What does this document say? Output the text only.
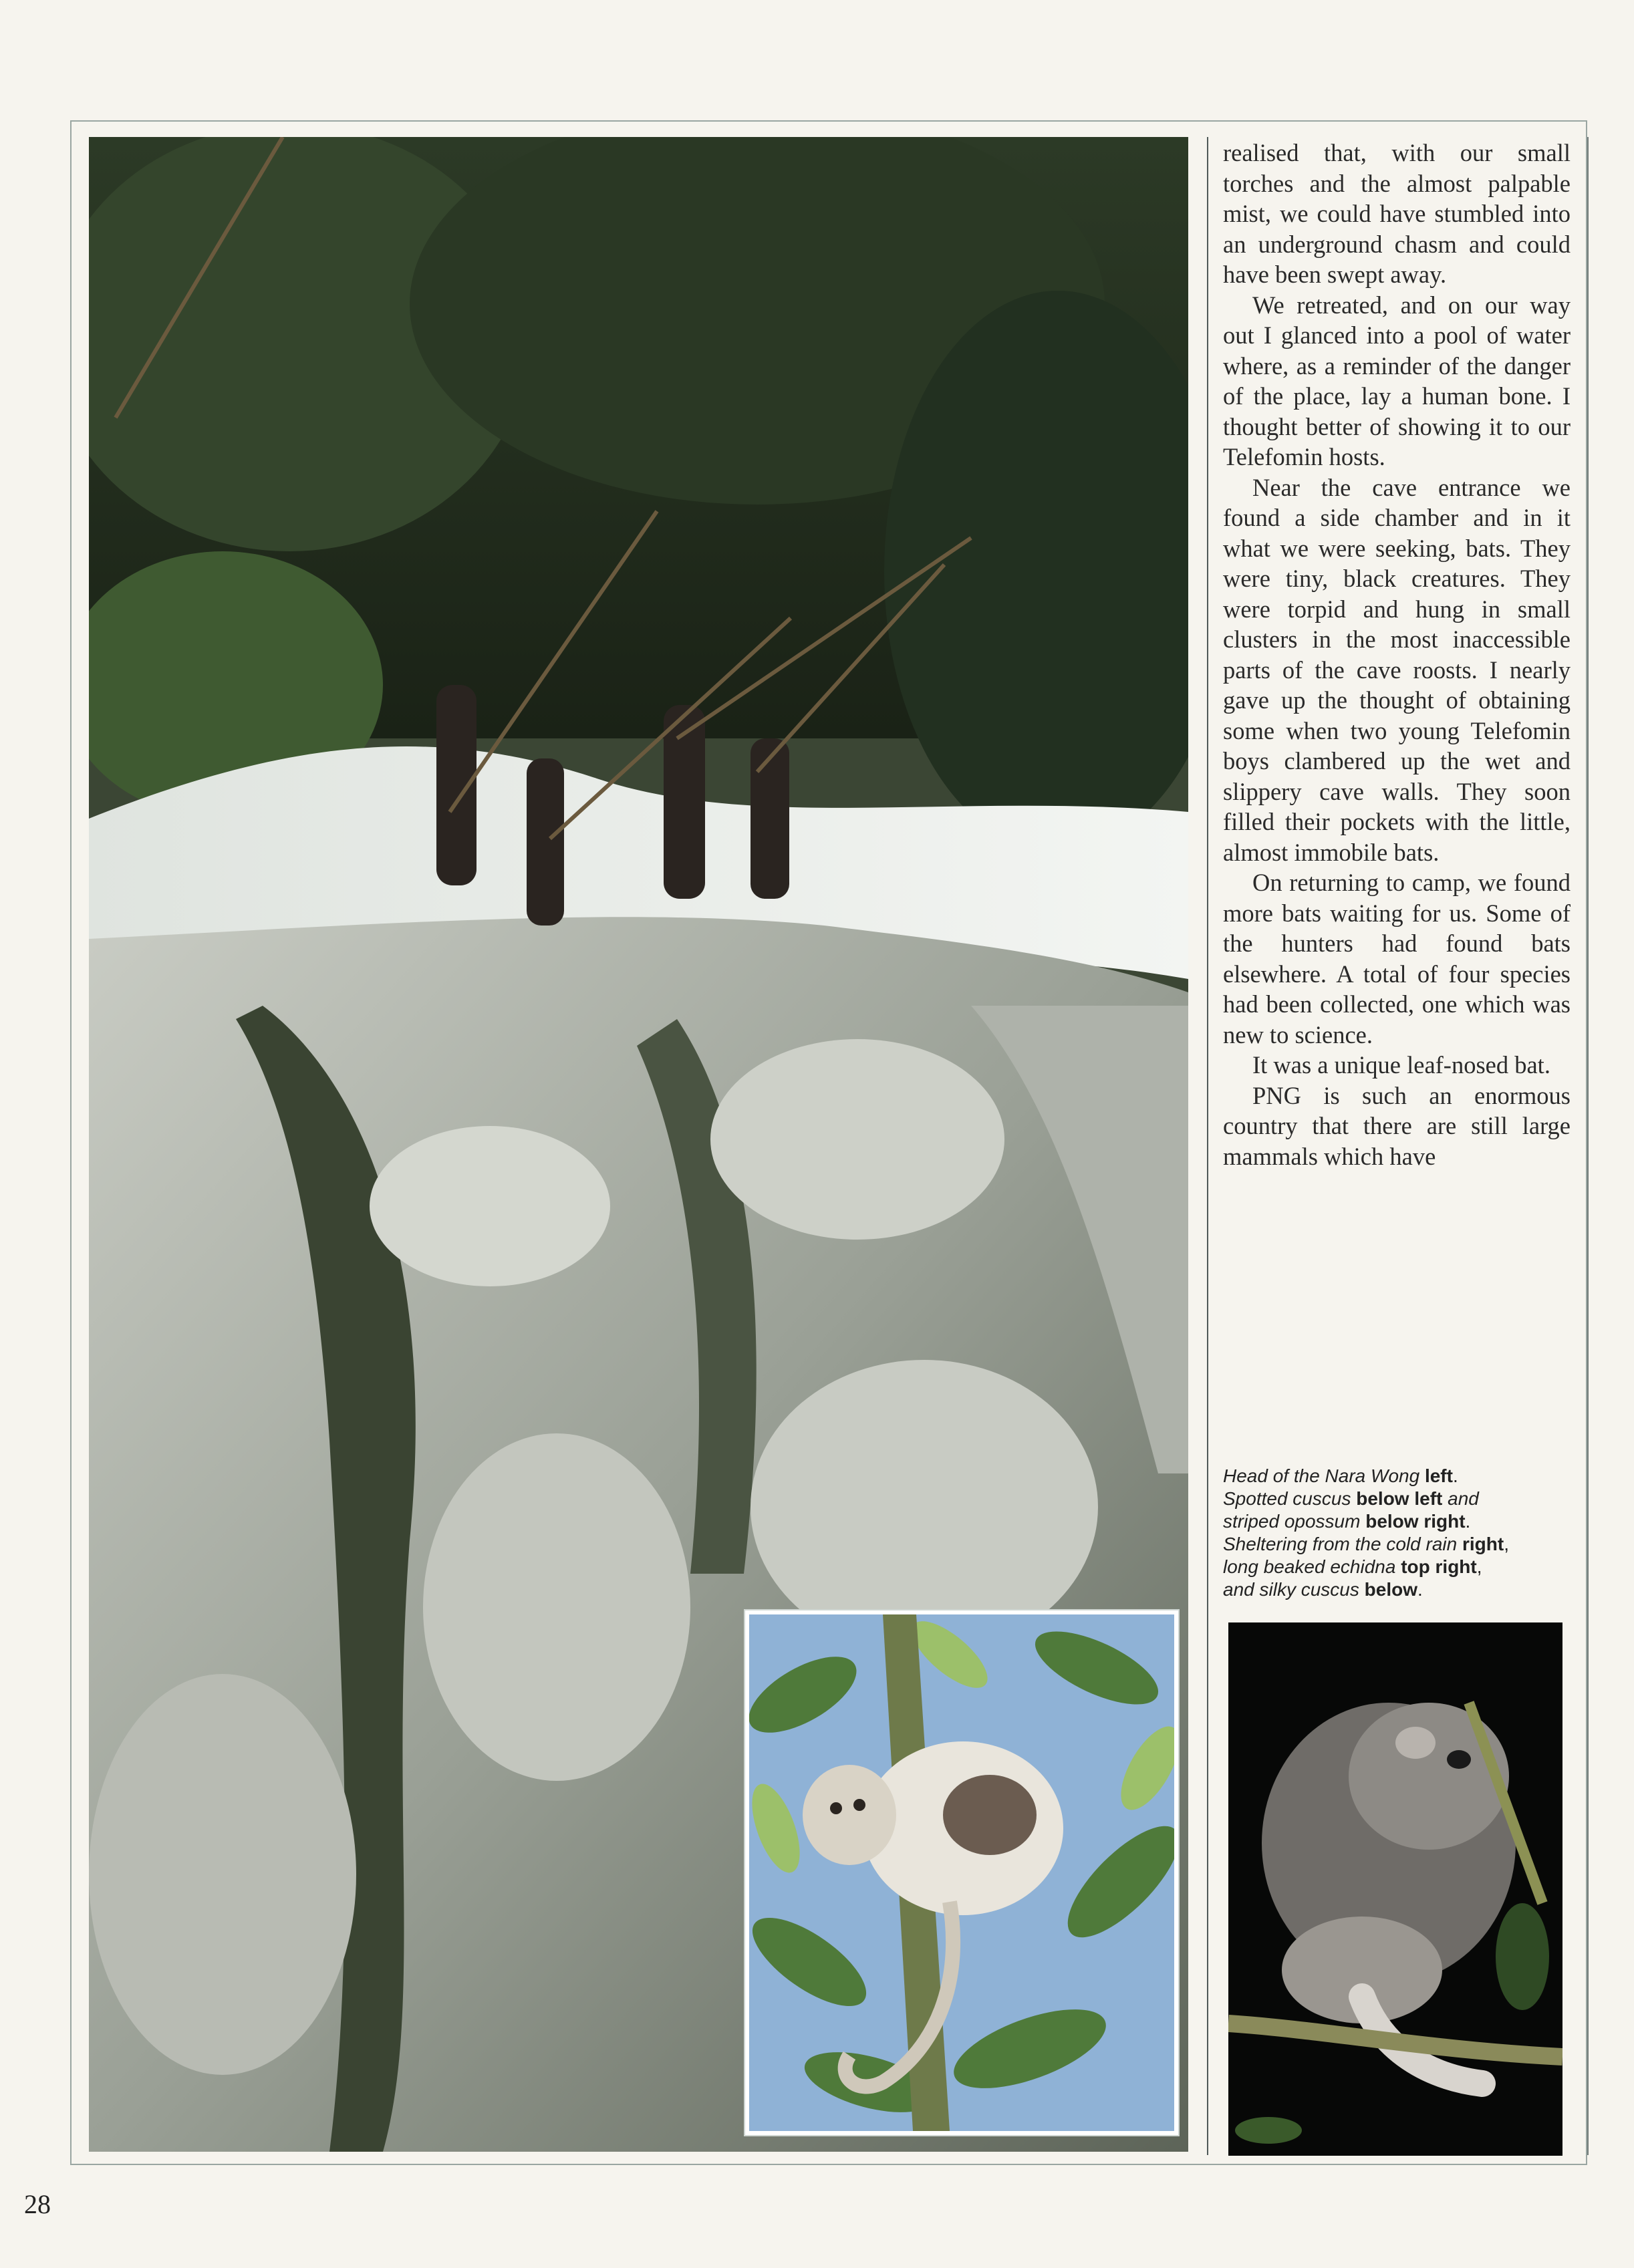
realised that, with our small torches and the almost palpable mist, we could have stumbled into an underground chasm and could have been swept away.

We retreated, and on our way out I glanced into a pool of water where, as a reminder of the danger of the place, lay a human bone. I thought better of showing it to our Telefomin hosts.

Near the cave entrance we found a side chamber and in it what we were seeking, bats. They were tiny, black creatures. They were torpid and hung in small clusters in the most inaccessible parts of the cave roosts. I nearly gave up the thought of obtaining some when two young Telefomin boys clambered up the wet and slippery cave walls. They soon filled their pockets with the little, almost immobile bats.

On returning to camp, we found more bats waiting for us. Some of the hunters had found bats elsewhere. A total of four species had been collected, one which was new to science.

It was a unique leaf-nosed bat.

PNG is such an enormous country that there are still large mammals which have

Head of the Nara Wong left.
Spotted cuscus below left and
striped opossum below right.
Sheltering from the cold rain right,
long beaked echidna top right,
and silky cuscus below.
28
